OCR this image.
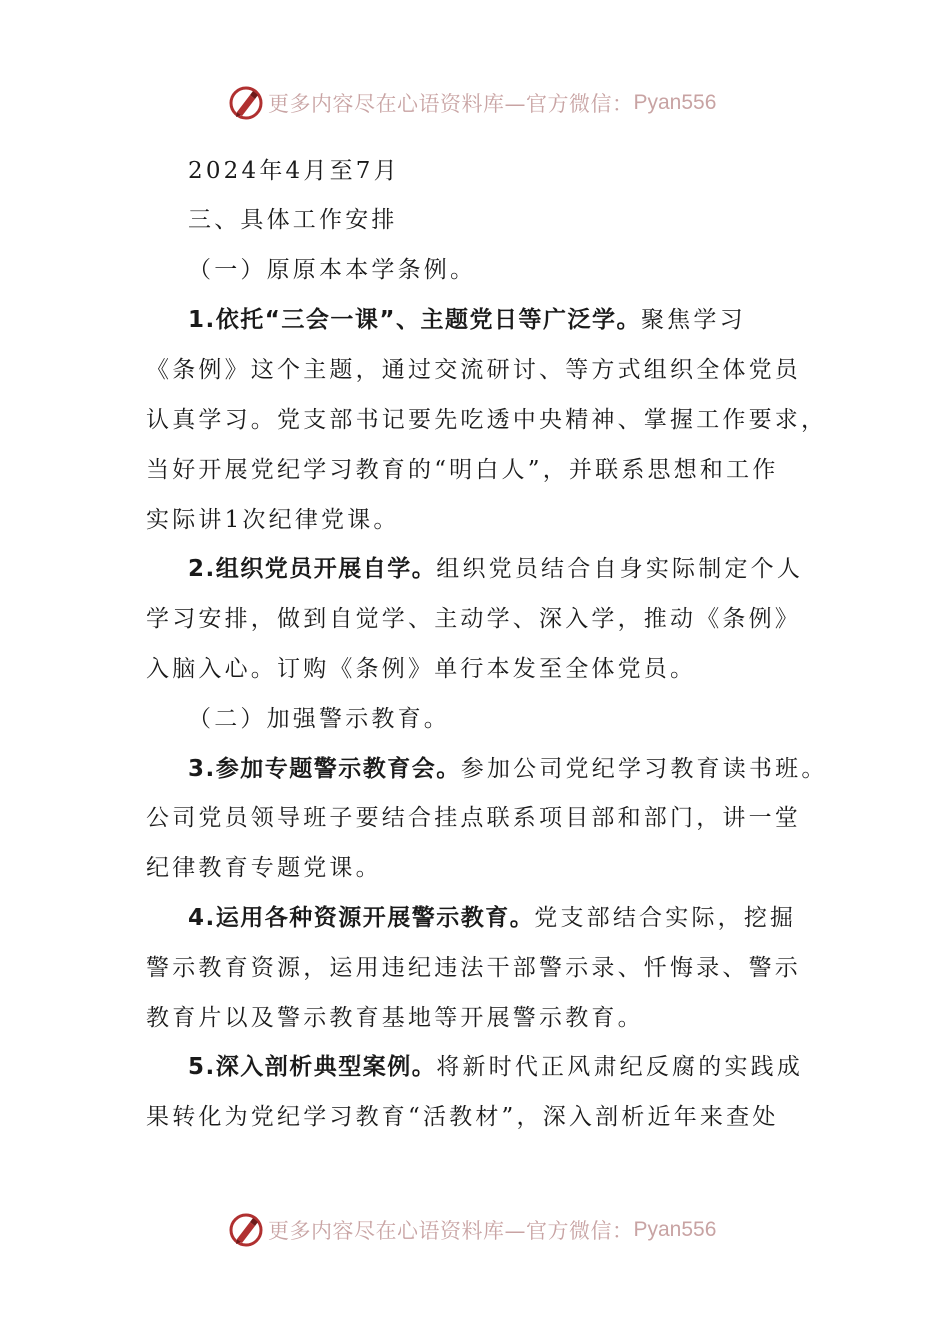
更多内容尽在心语资料库—官方微信： Pyan556
2024年4月至7月
三、具体工作安排
（一）原原本本学条例。
1.依托“三会一课”、主题党日等广泛学。聚焦学习
《条例》这个主题，通过交流研讨、等方式组织全体党员
认真学习。党支部书记要先吃透中央精神、掌握工作要求，
当好开展党纪学习教育的“明白人”，并联系思想和工作
实际讲1次纪律党课。
2.组织党员开展自学。组织党员结合自身实际制定个人
学习安排，做到自觉学、主动学、深入学，推动《条例》
入脑入心。订购《条例》单行本发至全体党员。
（二）加强警示教育。
3.参加专题警示教育会。参加公司党纪学习教育读书班。
公司党员领导班子要结合挂点联系项目部和部门，讲一堂
纪律教育专题党课。
4.运用各种资源开展警示教育。党支部结合实际，挖掘
警示教育资源，运用违纪违法干部警示录、忏悔录、警示
教育片以及警示教育基地等开展警示教育。
5.深入剖析典型案例。将新时代正风肃纪反腐的实践成
果转化为党纪学习教育“活教材”，深入剖析近年来查处
更多内容尽在心语资料库—官方微信： Pyan556
